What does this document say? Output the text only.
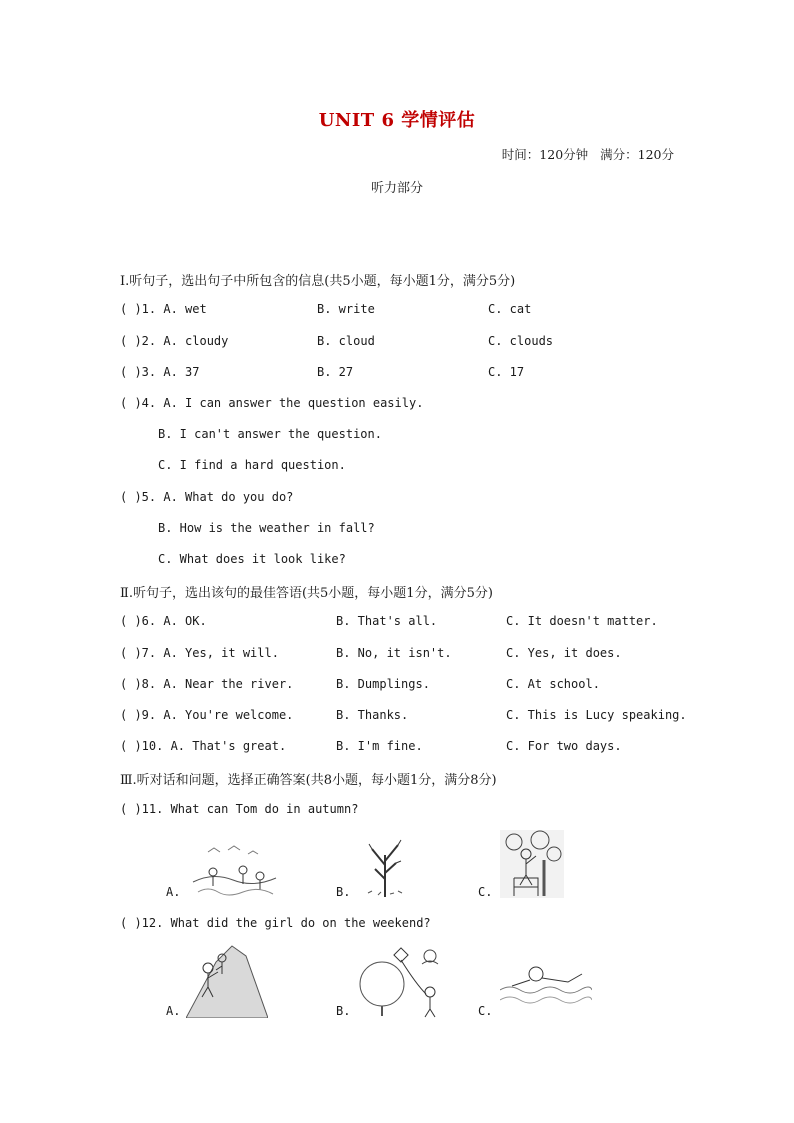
UNIT 6 学情评估
时间：120分钟 满分：120分
听力部分
Ⅰ.听句子，选出句子中所包含的信息(共5小题，每小题1分，满分5分)
( )1. A. wet	B. write	C. cat
( )2. A. cloudy	B. cloud	C. clouds
( )3. A. 37	B. 27	C. 17
( )4. A. I can answer the question easily.
B. I can't answer the question.
C. I find a hard question.
( )5. A. What do you do?
B. How is the weather in fall?
C. What does it look like?
Ⅱ.听句子，选出该句的最佳答语(共5小题，每小题1分，满分5分)
( )6. A. OK.	B. That's all.	C. It doesn't matter.
( )7. A. Yes, it will.	B. No, it isn't.	C. Yes, it does.
( )8. A. Near the river.	B. Dumplings.	C. At school.
( )9. A. You're welcome.	B. Thanks.	C. This is Lucy speaking.
( )10. A. That's great.	B. I'm fine.	C. For two days.
Ⅲ.听对话和问题，选择正确答案(共8小题，每小题1分，满分8分)
( )11. What can Tom do in autumn?
A.	B.	C.
( )12. What did the girl do on the weekend?
A.	B.	C.
